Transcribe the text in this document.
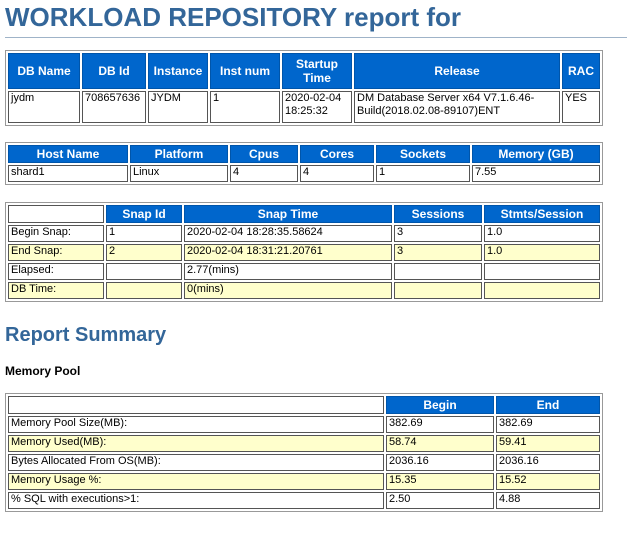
WORKLOAD REPOSITORY report for
DB Name	DB Id	Instance	Inst num	Startup Time	Release	RAC
jydm	708657636	JYDM	1	2020-02-04 18:25:32	DM Database Server x64 V7.1.6.46-Build(2018.02.08-89107)ENT	YES
Host Name	Platform	Cpus	Cores	Sockets	Memory (GB)
shard1	Linux	4	4	1	7.55
	Snap Id	Snap Time	Sessions	Stmts/Session
Begin Snap:	1	2020-02-04 18:28:35.58624	3	1.0
End Snap:	2	2020-02-04 18:31:21.20761	3	1.0
Elapsed:		2.77(mins)		
DB Time:		0(mins)		
Report Summary
Memory Pool
	Begin	End
Memory Pool Size(MB):	382.69	382.69
Memory Used(MB):	58.74	59.41
Bytes Allocated From OS(MB):	2036.16	2036.16
Memory Usage %:	15.35	15.52
% SQL with executions>1:	2.50	4.88
